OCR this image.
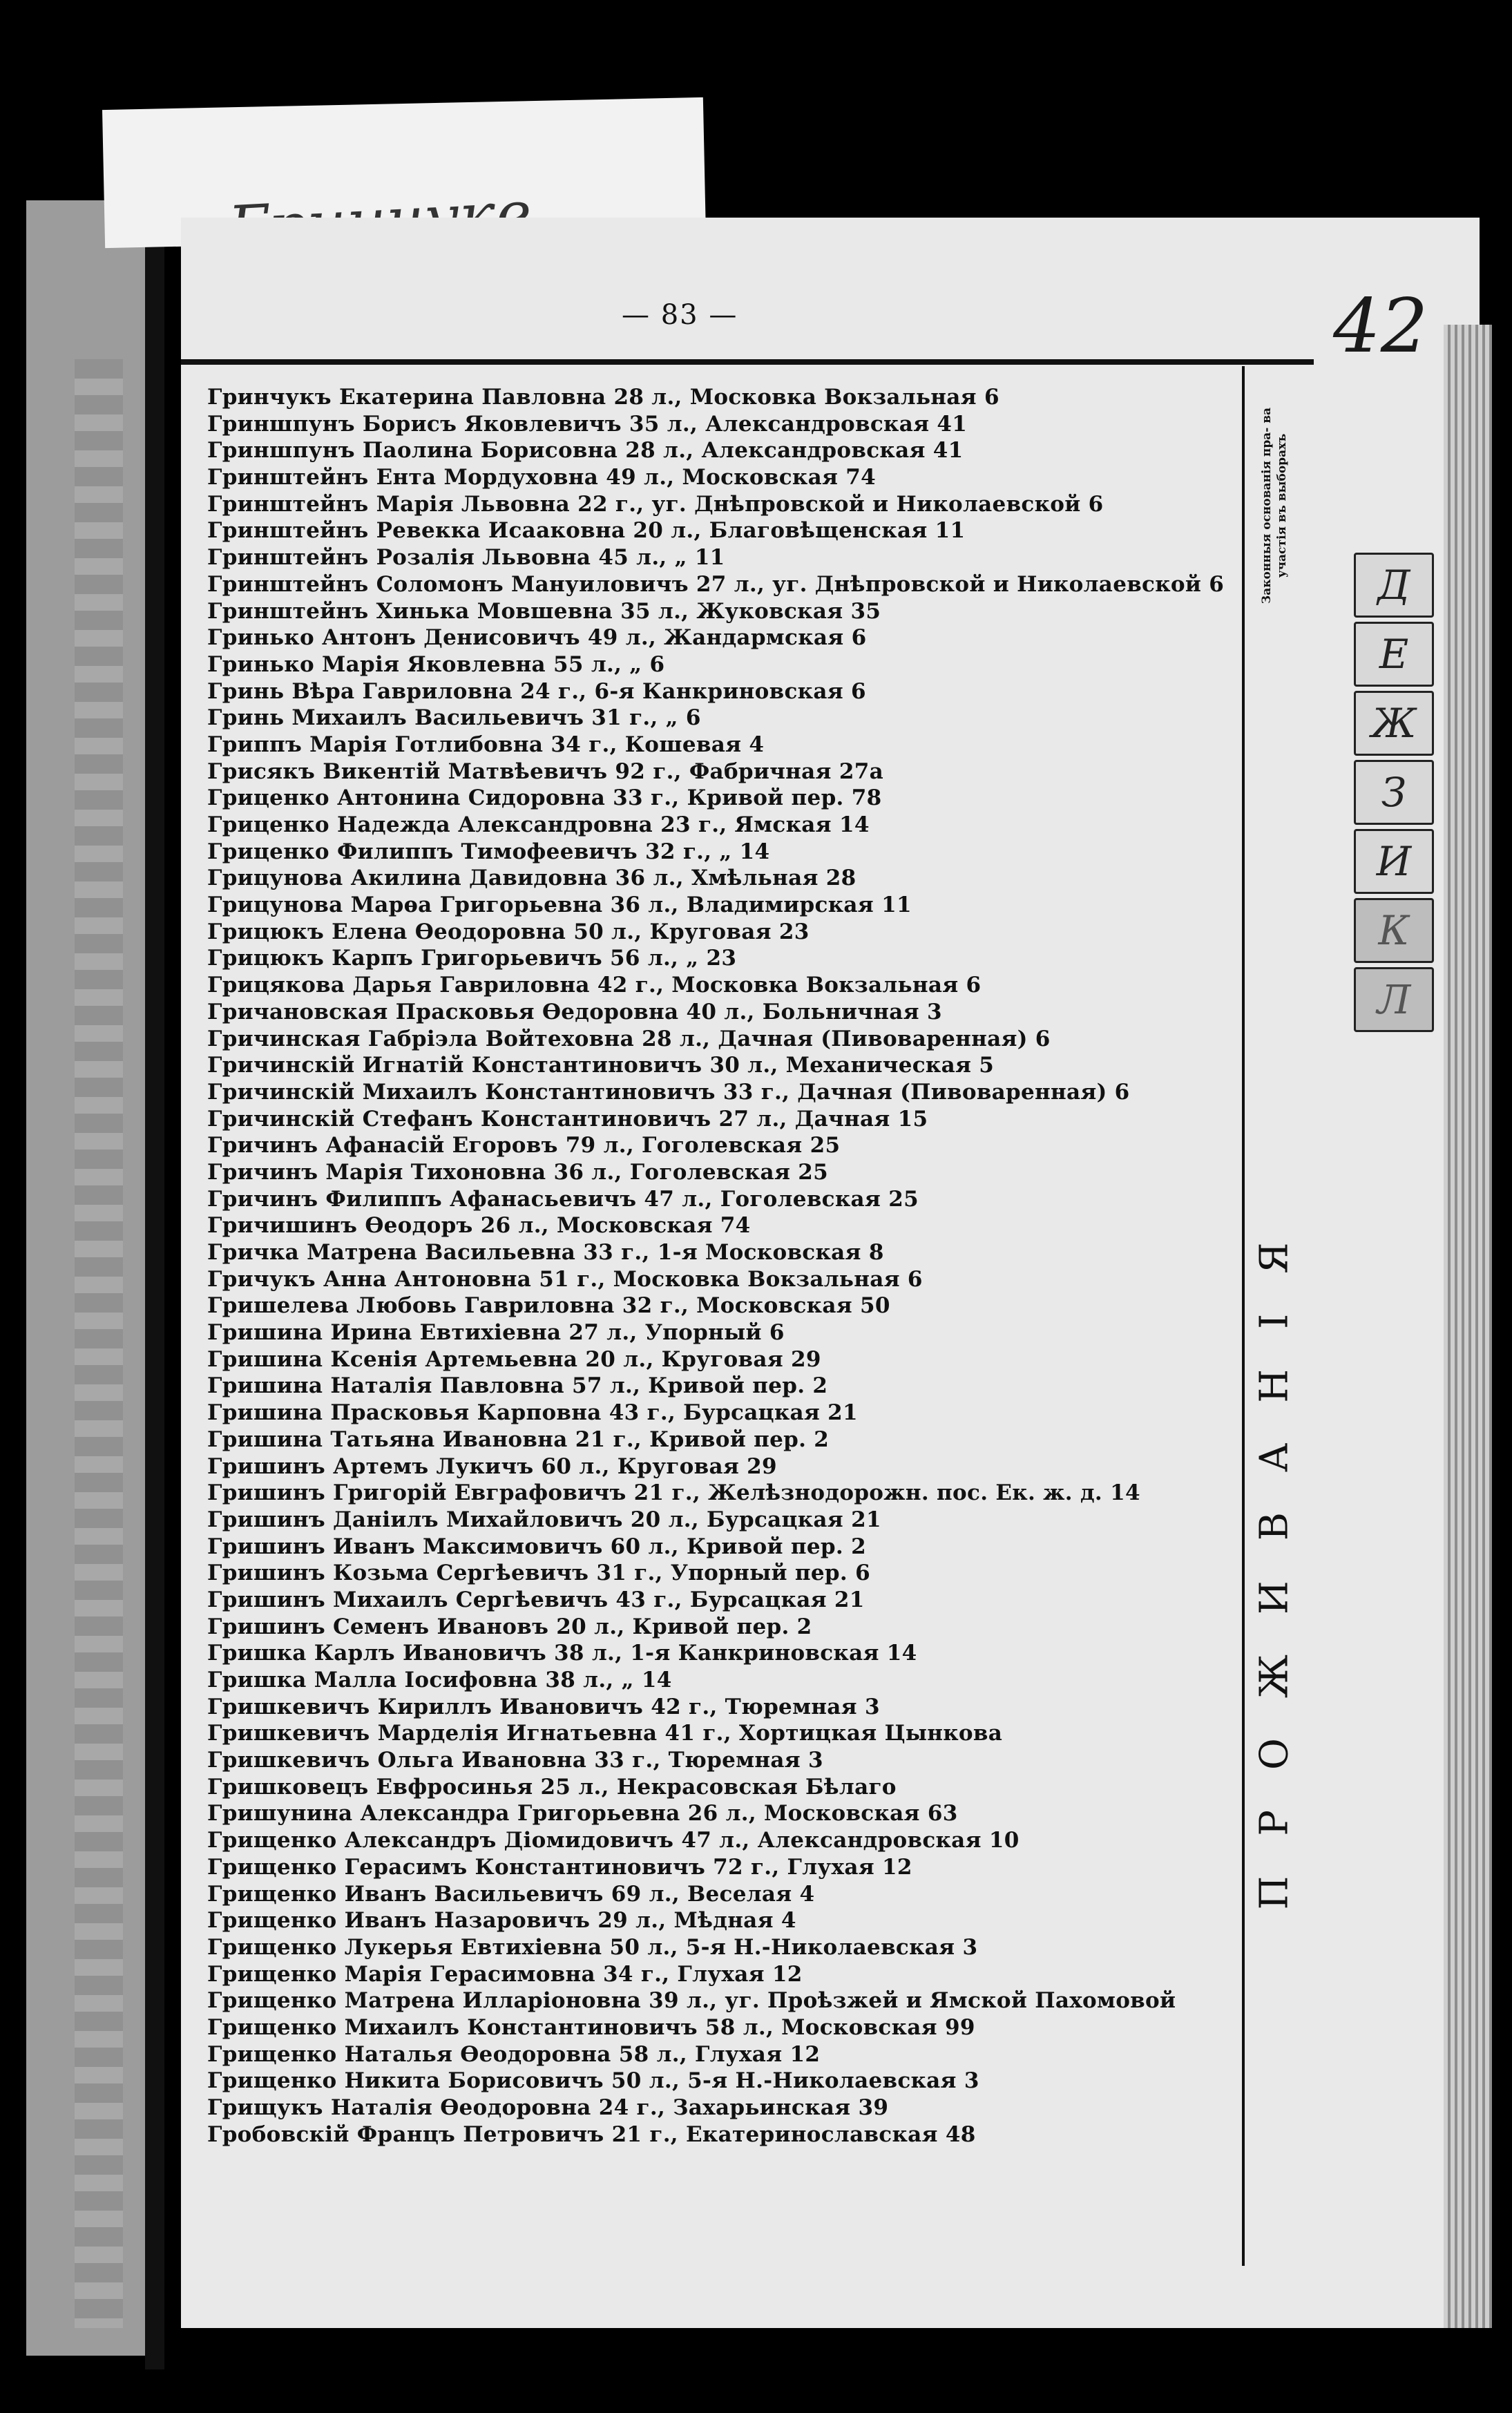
42
— 83 —
Гринчукъ Екатерина Павловна 28 л., Московка Вокзальная 6
Гриншпунъ Борисъ Яковлевичъ 35 л., Александровская 41
Гриншпунъ Паолина Борисовна 28 л., Александровская 41
Гринштейнъ Ента Мордуховна 49 л., Московская 74
Гринштейнъ Марія Львовна 22 г., уг. Днѣпровской и Николаевской 6
Гринштейнъ Ревекка Исааковна 20 л., Благовѣщенская 11
Гринштейнъ Розалія Львовна 45 л., „ 11
Гринштейнъ Соломонъ Мануиловичъ 27 л., уг. Днѣпровской и Николаевской 6
Гринштейнъ Хинька Мовшевна 35 л., Жуковская 35
Гринько Антонъ Денисовичъ 49 л., Жандармская 6
Гринько Марія Яковлевна 55 л., „ 6
Гринь Вѣра Гавриловна 24 г., 6-я Канкриновская 6
Гринь Михаилъ Васильевичъ 31 г., „ 6
Гриппъ Марія Готлибовна 34 г., Кошевая 4
Грисякъ Викентій Матвѣевичъ 92 г., Фабричная 27а
Гриценко Антонина Сидоровна 33 г., Кривой пер. 78
Гриценко Надежда Александровна 23 г., Ямская 14
Гриценко Филиппъ Тимофеевичъ 32 г., „ 14
Грицунова Акилина Давидовна 36 л., Хмѣльная 28
Грицунова Марѳа Григорьевна 36 л., Владимирская 11
Грицюкъ Елена Ѳеодоровна 50 л., Круговая 23
Грицюкъ Карпъ Григорьевичъ 56 л., „ 23
Грицякова Дарья Гавриловна 42 г., Московка Вокзальная 6
Гричановская Прасковья Ѳедоровна 40 л., Больничная 3
Гричинская Габріэла Войтеховна 28 л., Дачная (Пивоваренная) 6
Гричинскій Игнатій Константиновичъ 30 л., Механическая 5
Гричинскій Михаилъ Константиновичъ 33 г., Дачная (Пивоваренная) 6
Гричинскій Стефанъ Константиновичъ 27 л., Дачная 15
Гричинъ Афанасій Егоровъ 79 л., Гоголевская 25
Гричинъ Марія Тихоновна 36 л., Гоголевская 25
Гричинъ Филиппъ Афанасьевичъ 47 л., Гоголевская 25
Гричишинъ Ѳеодоръ 26 л., Московская 74
Гричка Матрена Васильевна 33 г., 1-я Московская 8
Гричукъ Анна Антоновна 51 г., Московка Вокзальная 6
Гришелева Любовь Гавриловна 32 г., Московская 50
Гришина Ирина Евтихіевна 27 л., Упорный 6
Гришина Ксенія Артемьевна 20 л., Круговая 29
Гришина Наталія Павловна 57 л., Кривой пер. 2
Гришина Прасковья Карповна 43 г., Бурсацкая 21
Гришина Татьяна Ивановна 21 г., Кривой пер. 2
Гришинъ Артемъ Лукичъ 60 л., Круговая 29
Гришинъ Григорій Евграфовичъ 21 г., Желѣзнодорожн. пос. Ек. ж. д. 14
Гришинъ Даніилъ Михайловичъ 20 л., Бурсацкая 21
Гришинъ Иванъ Максимовичъ 60 л., Кривой пер. 2
Гришинъ Козьма Сергѣевичъ 31 г., Упорный пер. 6
Гришинъ Михаилъ Сергѣевичъ 43 г., Бурсацкая 21
Гришинъ Семенъ Ивановъ 20 л., Кривой пер. 2
Гришка Карлъ Ивановичъ 38 л., 1-я Канкриновская 14
Гришка Малла Іосифовна 38 л., „ 14
Гришкевичъ Кириллъ Ивановичъ 42 г., Тюремная 3
Гришкевичъ Марделія Игнатьевна 41 г., Хортицкая Цынкова
Гришкевичъ Ольга Ивановна 33 г., Тюремная 3
Гришковецъ Евфросинья 25 л., Некрасовская Бѣлаго
Гришунина Александра Григорьевна 26 л., Московская 63
Грищенко Александръ Діомидовичъ 47 л., Александровская 10
Грищенко Герасимъ Константиновичъ 72 г., Глухая 12
Грищенко Иванъ Васильевичъ 69 л., Веселая 4
Грищенко Иванъ Назаровичъ 29 л., Мѣдная 4
Грищенко Лукерья Евтихіевна 50 л., 5-я Н.-Николаевская 3
Грищенко Марія Герасимовна 34 г., Глухая 12
Грищенко Матрена Илларіоновна 39 л., уг. Проѣзжей и Ямской Пахомовой
Грищенко Михаилъ Константиновичъ 58 л., Московская 99
Грищенко Наталья Ѳеодоровна 58 л., Глухая 12
Грищенко Никита Борисовичъ 50 л., 5-я Н.-Николаевская 3
Грищукъ Наталія Ѳеодоровна 24 г., Захарьинская 39
Гробовскій Францъ Петровичъ 21 г., Екатеринославская 48
Законныя основанія пра- ва участія въ выборахъ
ПРОЖИВАНІЯ
Д
Е
Ж
З
И
К
Л
